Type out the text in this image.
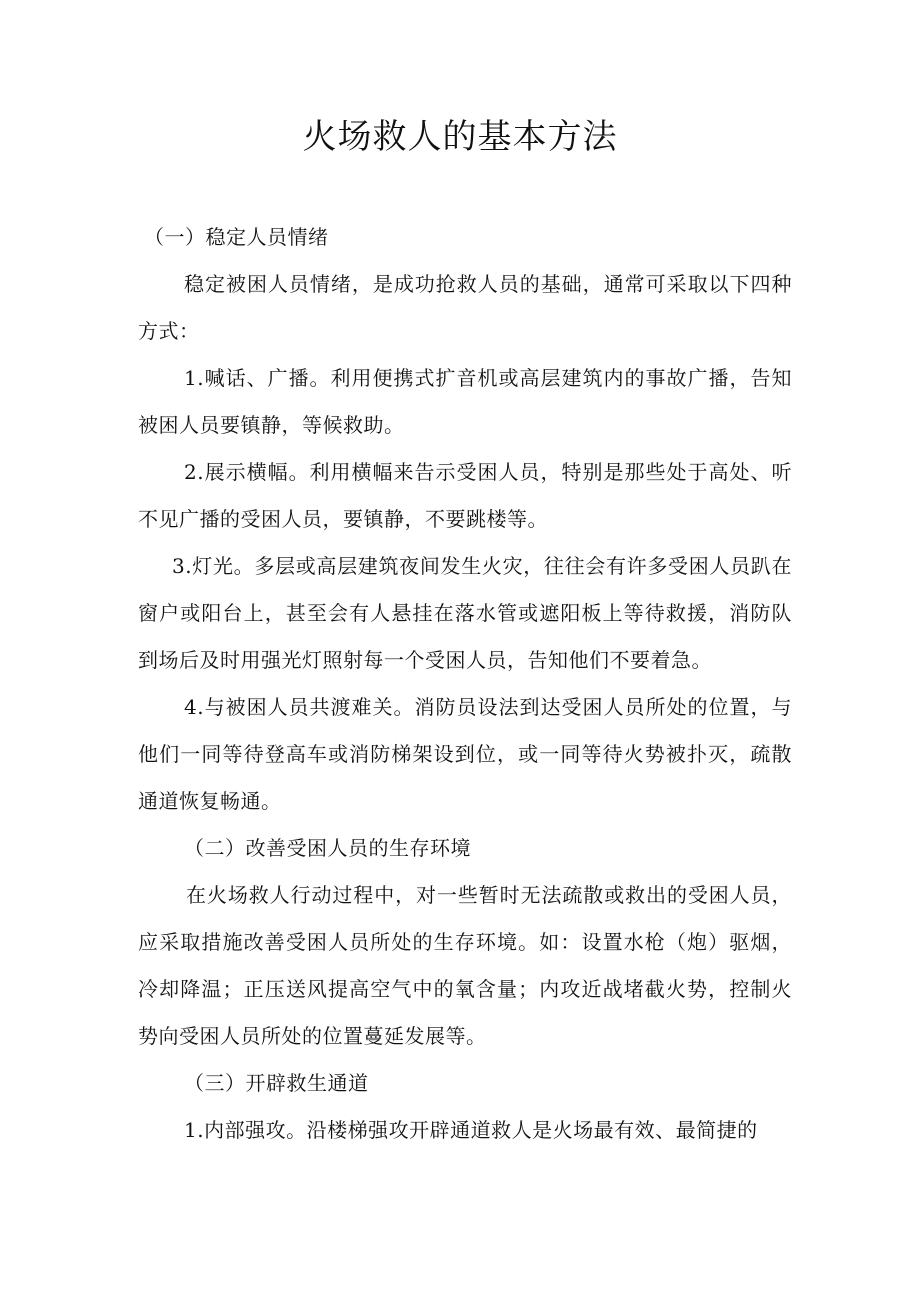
火场救人的基本方法

（一）稳定人员情绪

稳定被困人员情绪，是成功抢救人员的基础，通常可采取以下四种方式：

1.喊话、广播。利用便携式扩音机或高层建筑内的事故广播，告知被困人员要镇静，等候救助。

2.展示横幅。利用横幅来告示受困人员，特别是那些处于高处、听不见广播的受困人员，要镇静，不要跳楼等。

3.灯光。多层或高层建筑夜间发生火灾，往往会有许多受困人员趴在窗户或阳台上，甚至会有人悬挂在落水管或遮阳板上等待救援，消防队到场后及时用强光灯照射每一个受困人员，告知他们不要着急。

4.与被困人员共渡难关。消防员设法到达受困人员所处的位置，与他们一同等待登高车或消防梯架设到位，或一同等待火势被扑灭，疏散通道恢复畅通。

（二）改善受困人员的生存环境

在火场救人行动过程中，对一些暂时无法疏散或救出的受困人员，应采取措施改善受困人员所处的生存环境。如：设置水枪（炮）驱烟，冷却降温；正压送风提高空气中的氧含量；内攻近战堵截火势，控制火势向受困人员所处的位置蔓延发展等。

（三）开辟救生通道

1.内部强攻。沿楼梯强攻开辟通道救人是火场最有效、最简捷的
